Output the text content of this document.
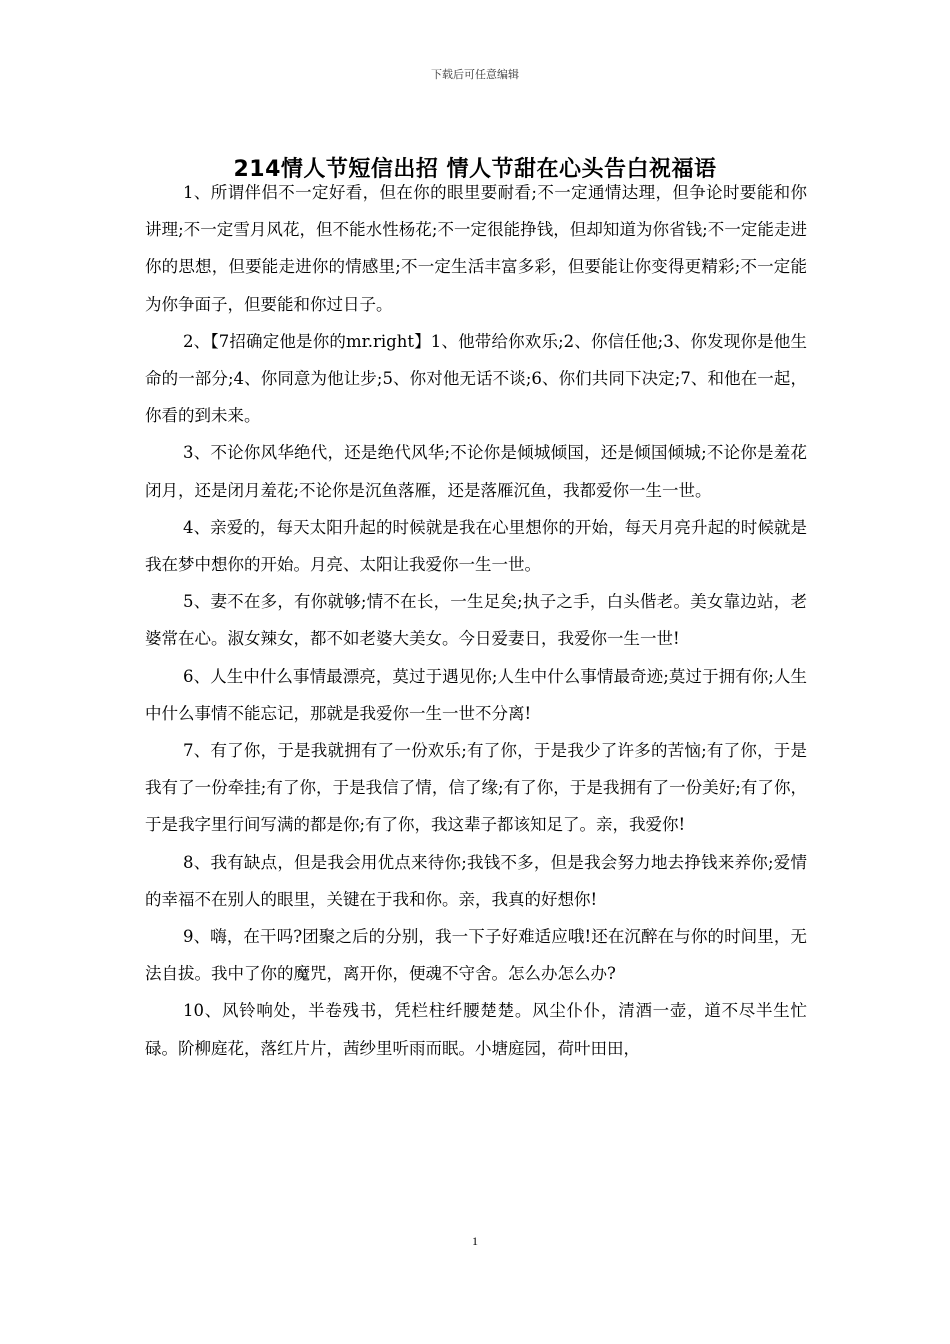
下载后可任意编辑
214情人节短信出招 情人节甜在心头告白祝福语

1、所谓伴侣不一定好看，但在你的眼里要耐看;不一定通情达理，但争论时要能和你讲理;不一定雪月风花，但不能水性杨花;不一定很能挣钱，但却知道为你省钱;不一定能走进你的思想，但要能走进你的情感里;不一定生活丰富多彩，但要能让你变得更精彩;不一定能为你争面子，但要能和你过日子。

2、【7招确定他是你的mr.right】1、他带给你欢乐;2、你信任他;3、你发现你是他生命的一部分;4、你同意为他让步;5、你对他无话不谈;6、你们共同下决定;7、和他在一起，你看的到未来。

3、不论你风华绝代，还是绝代风华;不论你是倾城倾国，还是倾国倾城;不论你是羞花闭月，还是闭月羞花;不论你是沉鱼落雁，还是落雁沉鱼，我都爱你一生一世。

4、亲爱的，每天太阳升起的时候就是我在心里想你的开始，每天月亮升起的时候就是我在梦中想你的开始。月亮、太阳让我爱你一生一世。

5、妻不在多，有你就够;情不在长，一生足矣;执子之手，白头偕老。美女靠边站，老婆常在心。淑女辣女，都不如老婆大美女。今日爱妻日，我爱你一生一世!

6、人生中什么事情最漂亮，莫过于遇见你;人生中什么事情最奇迹;莫过于拥有你;人生中什么事情不能忘记，那就是我爱你一生一世不分离!

7、有了你，于是我就拥有了一份欢乐;有了你，于是我少了许多的苦恼;有了你，于是我有了一份牵挂;有了你，于是我信了情，信了缘;有了你，于是我拥有了一份美好;有了你，于是我字里行间写满的都是你;有了你，我这辈子都该知足了。亲，我爱你!

8、我有缺点，但是我会用优点来待你;我钱不多，但是我会努力地去挣钱来养你;爱情的幸福不在别人的眼里，关键在于我和你。亲，我真的好想你!

9、嗨，在干吗?团聚之后的分别，我一下子好难适应哦!还在沉醉在与你的时间里，无法自拔。我中了你的魔咒，离开你，便魂不守舍。怎么办怎么办?

10、风铃响处，半卷残书，凭栏柱纤腰楚楚。风尘仆仆，清酒一壶，道不尽半生忙碌。阶柳庭花，落红片片，茜纱里听雨而眠。小塘庭园，荷叶田田，

1
